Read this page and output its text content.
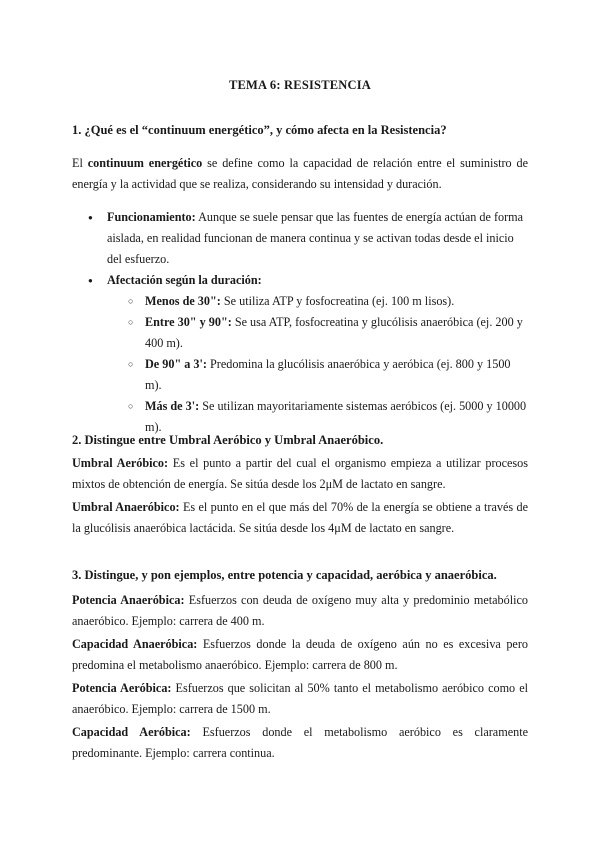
TEMA 6: RESISTENCIA
1. ¿Qué es el “continuum energético”, y cómo afecta en la Resistencia?

El continuum energético se define como la capacidad de relación entre el suministro de energía y la actividad que se realiza, considerando su intensidad y duración.

● Funcionamiento: Aunque se suele pensar que las fuentes de energía actúan de forma aislada, en realidad funcionan de manera continua y se activan todas desde el inicio del esfuerzo.
● Afectación según la duración:
○ Menos de 30": Se utiliza ATP y fosfocreatina (ej. 100 m lisos).
○ Entre 30" y 90": Se usa ATP, fosfocreatina y glucólisis anaeróbica (ej. 200 y 400 m).
○ De 90" a 3': Predomina la glucólisis anaeróbica y aeróbica (ej. 800 y 1500 m).
○ Más de 3': Se utilizan mayoritariamente sistemas aeróbicos (ej. 5000 y 10000 m).
2. Distingue entre Umbral Aeróbico y Umbral Anaeróbico.

Umbral Aeróbico: Es el punto a partir del cual el organismo empieza a utilizar procesos mixtos de obtención de energía. Se sitúa desde los 2μM de lactato en sangre.

Umbral Anaeróbico: Es el punto en el que más del 70% de la energía se obtiene a través de la glucólisis anaeróbica lactácida. Se sitúa desde los 4μM de lactato en sangre.

3. Distingue, y pon ejemplos, entre potencia y capacidad, aeróbica y anaeróbica.

Potencia Anaeróbica: Esfuerzos con deuda de oxígeno muy alta y predominio metabólico anaeróbico. Ejemplo: carrera de 400 m.

Capacidad Anaeróbica: Esfuerzos donde la deuda de oxígeno aún no es excesiva pero predomina el metabolismo anaeróbico. Ejemplo: carrera de 800 m.

Potencia Aeróbica: Esfuerzos que solicitan al 50% tanto el metabolismo aeróbico como el anaeróbico. Ejemplo: carrera de 1500 m.

Capacidad Aeróbica: Esfuerzos donde el metabolismo aeróbico es claramente predominante. Ejemplo: carrera continua.
